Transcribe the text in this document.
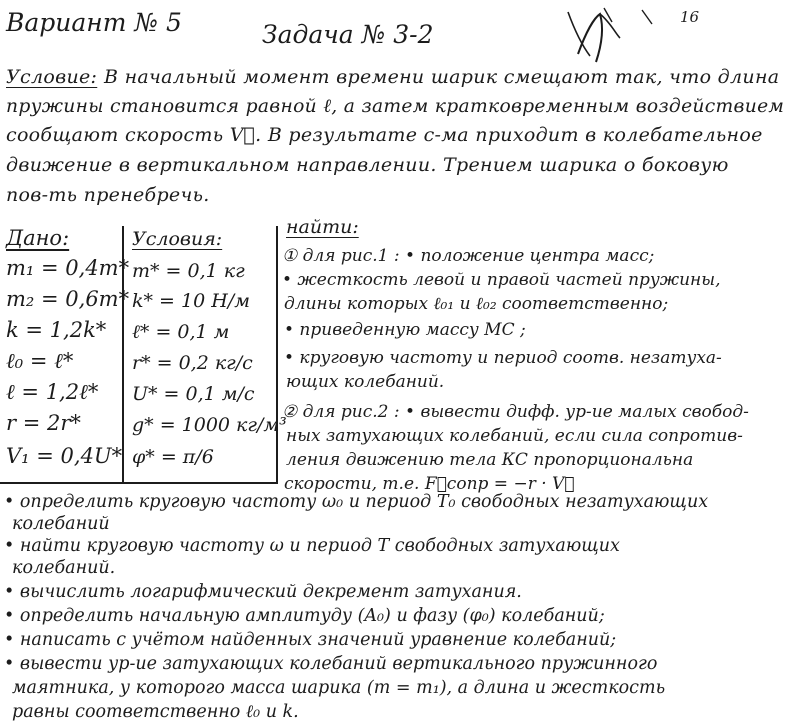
Вариант № 5	Задача № 3-2
16
Условие: В начальный момент времени шарик смещают так, что длина
пружины становится равной ℓ, а затем кратковременным воздействием
сообщают скорость V⃗. В результате с-ма приходит в колебательное
движение в вертикальном направлении. Трением шарика о боковую
пов-ть пренебречь.
Дано:
m₁ = 0,4m*
m₂ = 0,6m*
k = 1,2k*
ℓ₀ = ℓ*
ℓ = 1,2ℓ*
r = 2r*
V₁ = 0,4U*
Условия:
m* = 0,1 кг
k* = 10 Н/м
ℓ* = 0,1 м
r* = 0,2 кг/с
U* = 0,1 м/с
g* = 1000 кг/м³
φ* = π/6
найти:
① для рис.1 : • положение центра масс;
• жесткость левой и правой частей пружины,
длины которых ℓ₀₁ и ℓ₀₂ соответственно;
• приведенную массу МС ;
• круговую частоту и период соотв. незатуха-
ющих колебаний.
② для рис.2 : • вывести дифф. ур-ие малых свобод-
ных затухающих колебаний, если сила сопротив-
ления движению тела КС пропорциональна
скорости, т.е. F⃗сопр = −r · V⃗
• определить круговую частоту ω₀ и период T₀ свободных незатухающих
колебаний
• найти круговую частоту ω и период T свободных затухающих
колебаний.
• вычислить логарифмический декремент затухания.
• определить начальную амплитуду (A₀) и фазу (φ₀) колебаний;
• написать с учётом найденных значений уравнение колебаний;
• вывести ур-ие затухающих колебаний вертикального пружинного
маятника, у которого масса шарика (m = m₁), а длина и жесткость
равны соответственно ℓ₀ и k.
